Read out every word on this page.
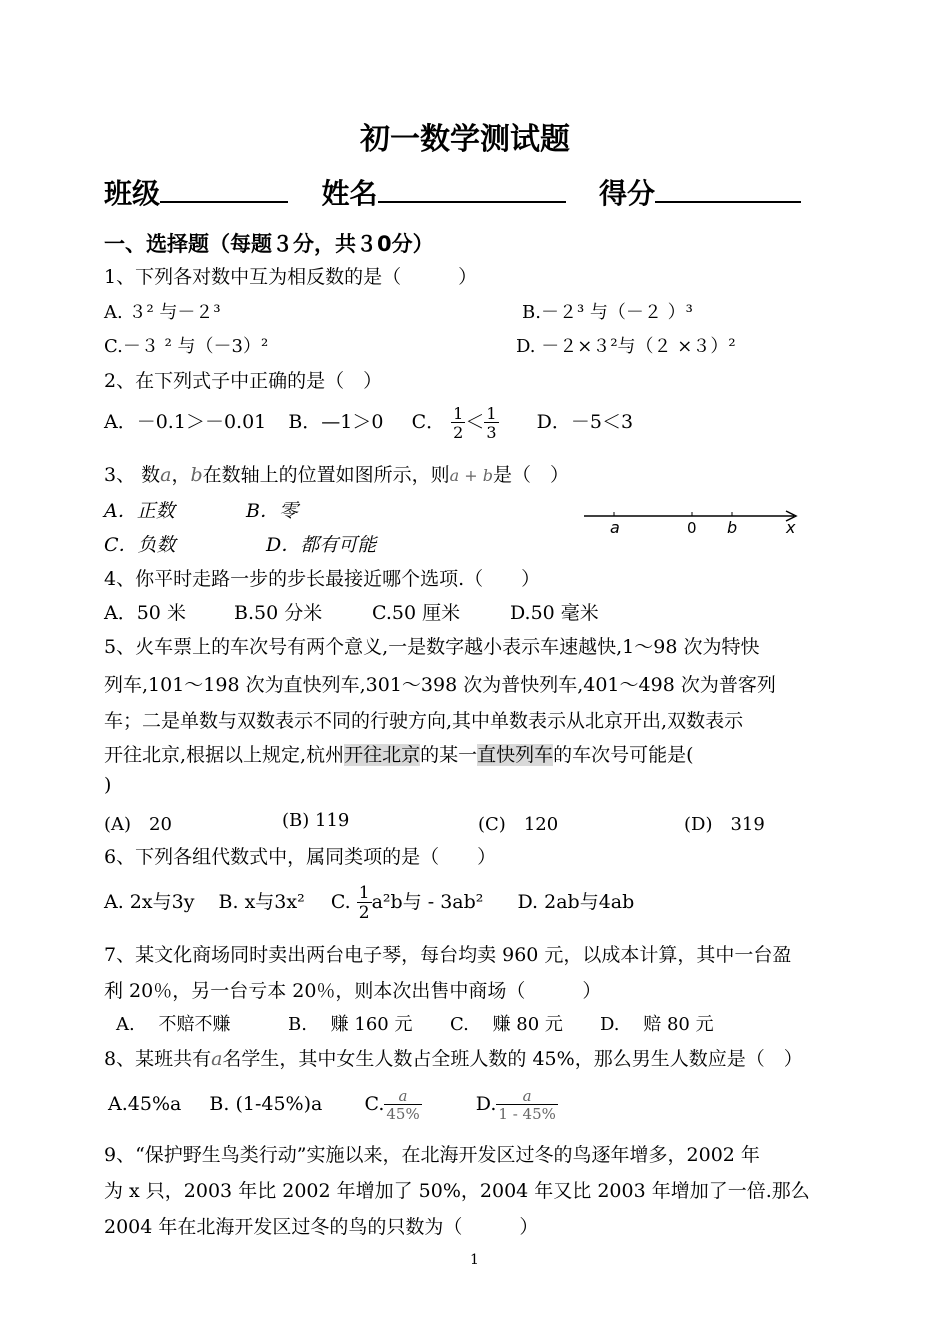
初一数学测试题
班级	姓名	得分
一、选择题（每题３分，共３0分）
1、下列各对数中互为相反数的是（　　　）
A. ３² 与－２³	B.－２³ 与（－２ ）³
C.－３ ² 与（－3）²	D. －２×３²与（２ ×３）²
2、在下列式子中正确的是（　）
A．－0.1＞－0.01 B．—1＞0 C． $\frac{1}{2} < \frac{1}{3}$ D．－5＜3
3、 数a，b在数轴上的位置如图所示，则a + b是（　）
A．正数	B．零
C．负数	D．都有可能
a	0 b	x
4、你平时走路一步的步长最接近哪个选项.（　　）
A．50 米	B.50 分米	C.50 厘米	D.50 毫米
5、火车票上的车次号有两个意义,一是数字越小表示车速越快,1～98 次为特快
列车,101～198 次为直快列车,301～398 次为普快列车,401～498 次为普客列
车；二是单数与双数表示不同的行驶方向,其中单数表示从北京开出,双数表示
开往北京,根据以上规定,杭州开往北京的某一直快列车的车次号可能是(
)
(A)　20	(B) 119	(C)　120	(D)　319
6、下列各组代数式中，属同类项的是（　　）
A. 2x与3y B. x与3x² C. $\frac{1}{2} a^2b$与 - 3ab² D. 2ab与4ab
7、某文化商场同时卖出两台电子琴，每台均卖 960 元，以成本计算，其中一台盈
利 20％，另一台亏本 20％，则本次出售中商场（　　　）
A.　 不赔不赚	B.　 赚 160 元 C.　 赚 80 元 D.　 赔 80 元
8、某班共有a名学生，其中女生人数占全班人数的 45%，那么男生人数应是（　）
A.45%a B. (1-45%)a C. $\frac{a}{45\%}$	D. $\frac{a}{1 - 45\%}$
9、“保护野生鸟类行动”实施以来，在北海开发区过冬的鸟逐年增多，2002 年
为 x 只，2003 年比 2002 年增加了 50%，2004 年又比 2003 年增加了一倍.那么
2004 年在北海开发区过冬的鸟的只数为（　　　）
1
